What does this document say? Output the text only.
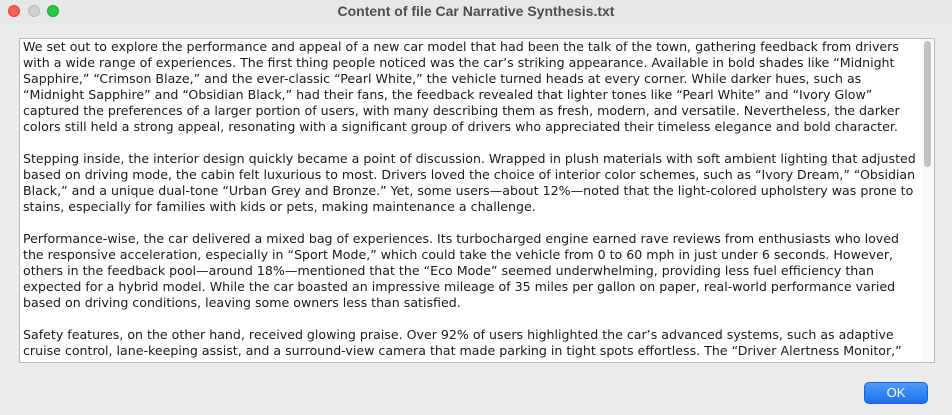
Content of file Car Narrative Synthesis.txt

We set out to explore the performance and appeal of a new car model that had been the talk of the town, gathering feedback from drivers with a wide range of experiences. The first thing people noticed was the car’s striking appearance. Available in bold shades like “Midnight Sapphire,” “Crimson Blaze,” and the ever-classic “Pearl White,” the vehicle turned heads at every corner. While darker hues, such as “Midnight Sapphire” and “Obsidian Black,” had their fans, the feedback revealed that lighter tones like “Pearl White” and “Ivory Glow” captured the preferences of a larger portion of users, with many describing them as fresh, modern, and versatile. Nevertheless, the darker colors still held a strong appeal, resonating with a significant group of drivers who appreciated their timeless elegance and bold character.

Stepping inside, the interior design quickly became a point of discussion. Wrapped in plush materials with soft ambient lighting that adjusted based on driving mode, the cabin felt luxurious to most. Drivers loved the choice of interior color schemes, such as “Ivory Dream,” “Obsidian Black,” and a unique dual-tone “Urban Grey and Bronze.” Yet, some users—about 12%—noted that the light-colored upholstery was prone to stains, especially for families with kids or pets, making maintenance a challenge.

Performance-wise, the car delivered a mixed bag of experiences. Its turbocharged engine earned rave reviews from enthusiasts who loved the responsive acceleration, especially in “Sport Mode,” which could take the vehicle from 0 to 60 mph in just under 6 seconds. However, others in the feedback pool—around 18%—mentioned that the “Eco Mode” seemed underwhelming, providing less fuel efficiency than expected for a hybrid model. While the car boasted an impressive mileage of 35 miles per gallon on paper, real-world performance varied based on driving conditions, leaving some owners less than satisfied.

Safety features, on the other hand, received glowing praise. Over 92% of users highlighted the car’s advanced systems, such as adaptive cruise control, lane-keeping assist, and a surround-view camera that made parking in tight spots effortless. The “Driver Alertness Monitor,”

OK
